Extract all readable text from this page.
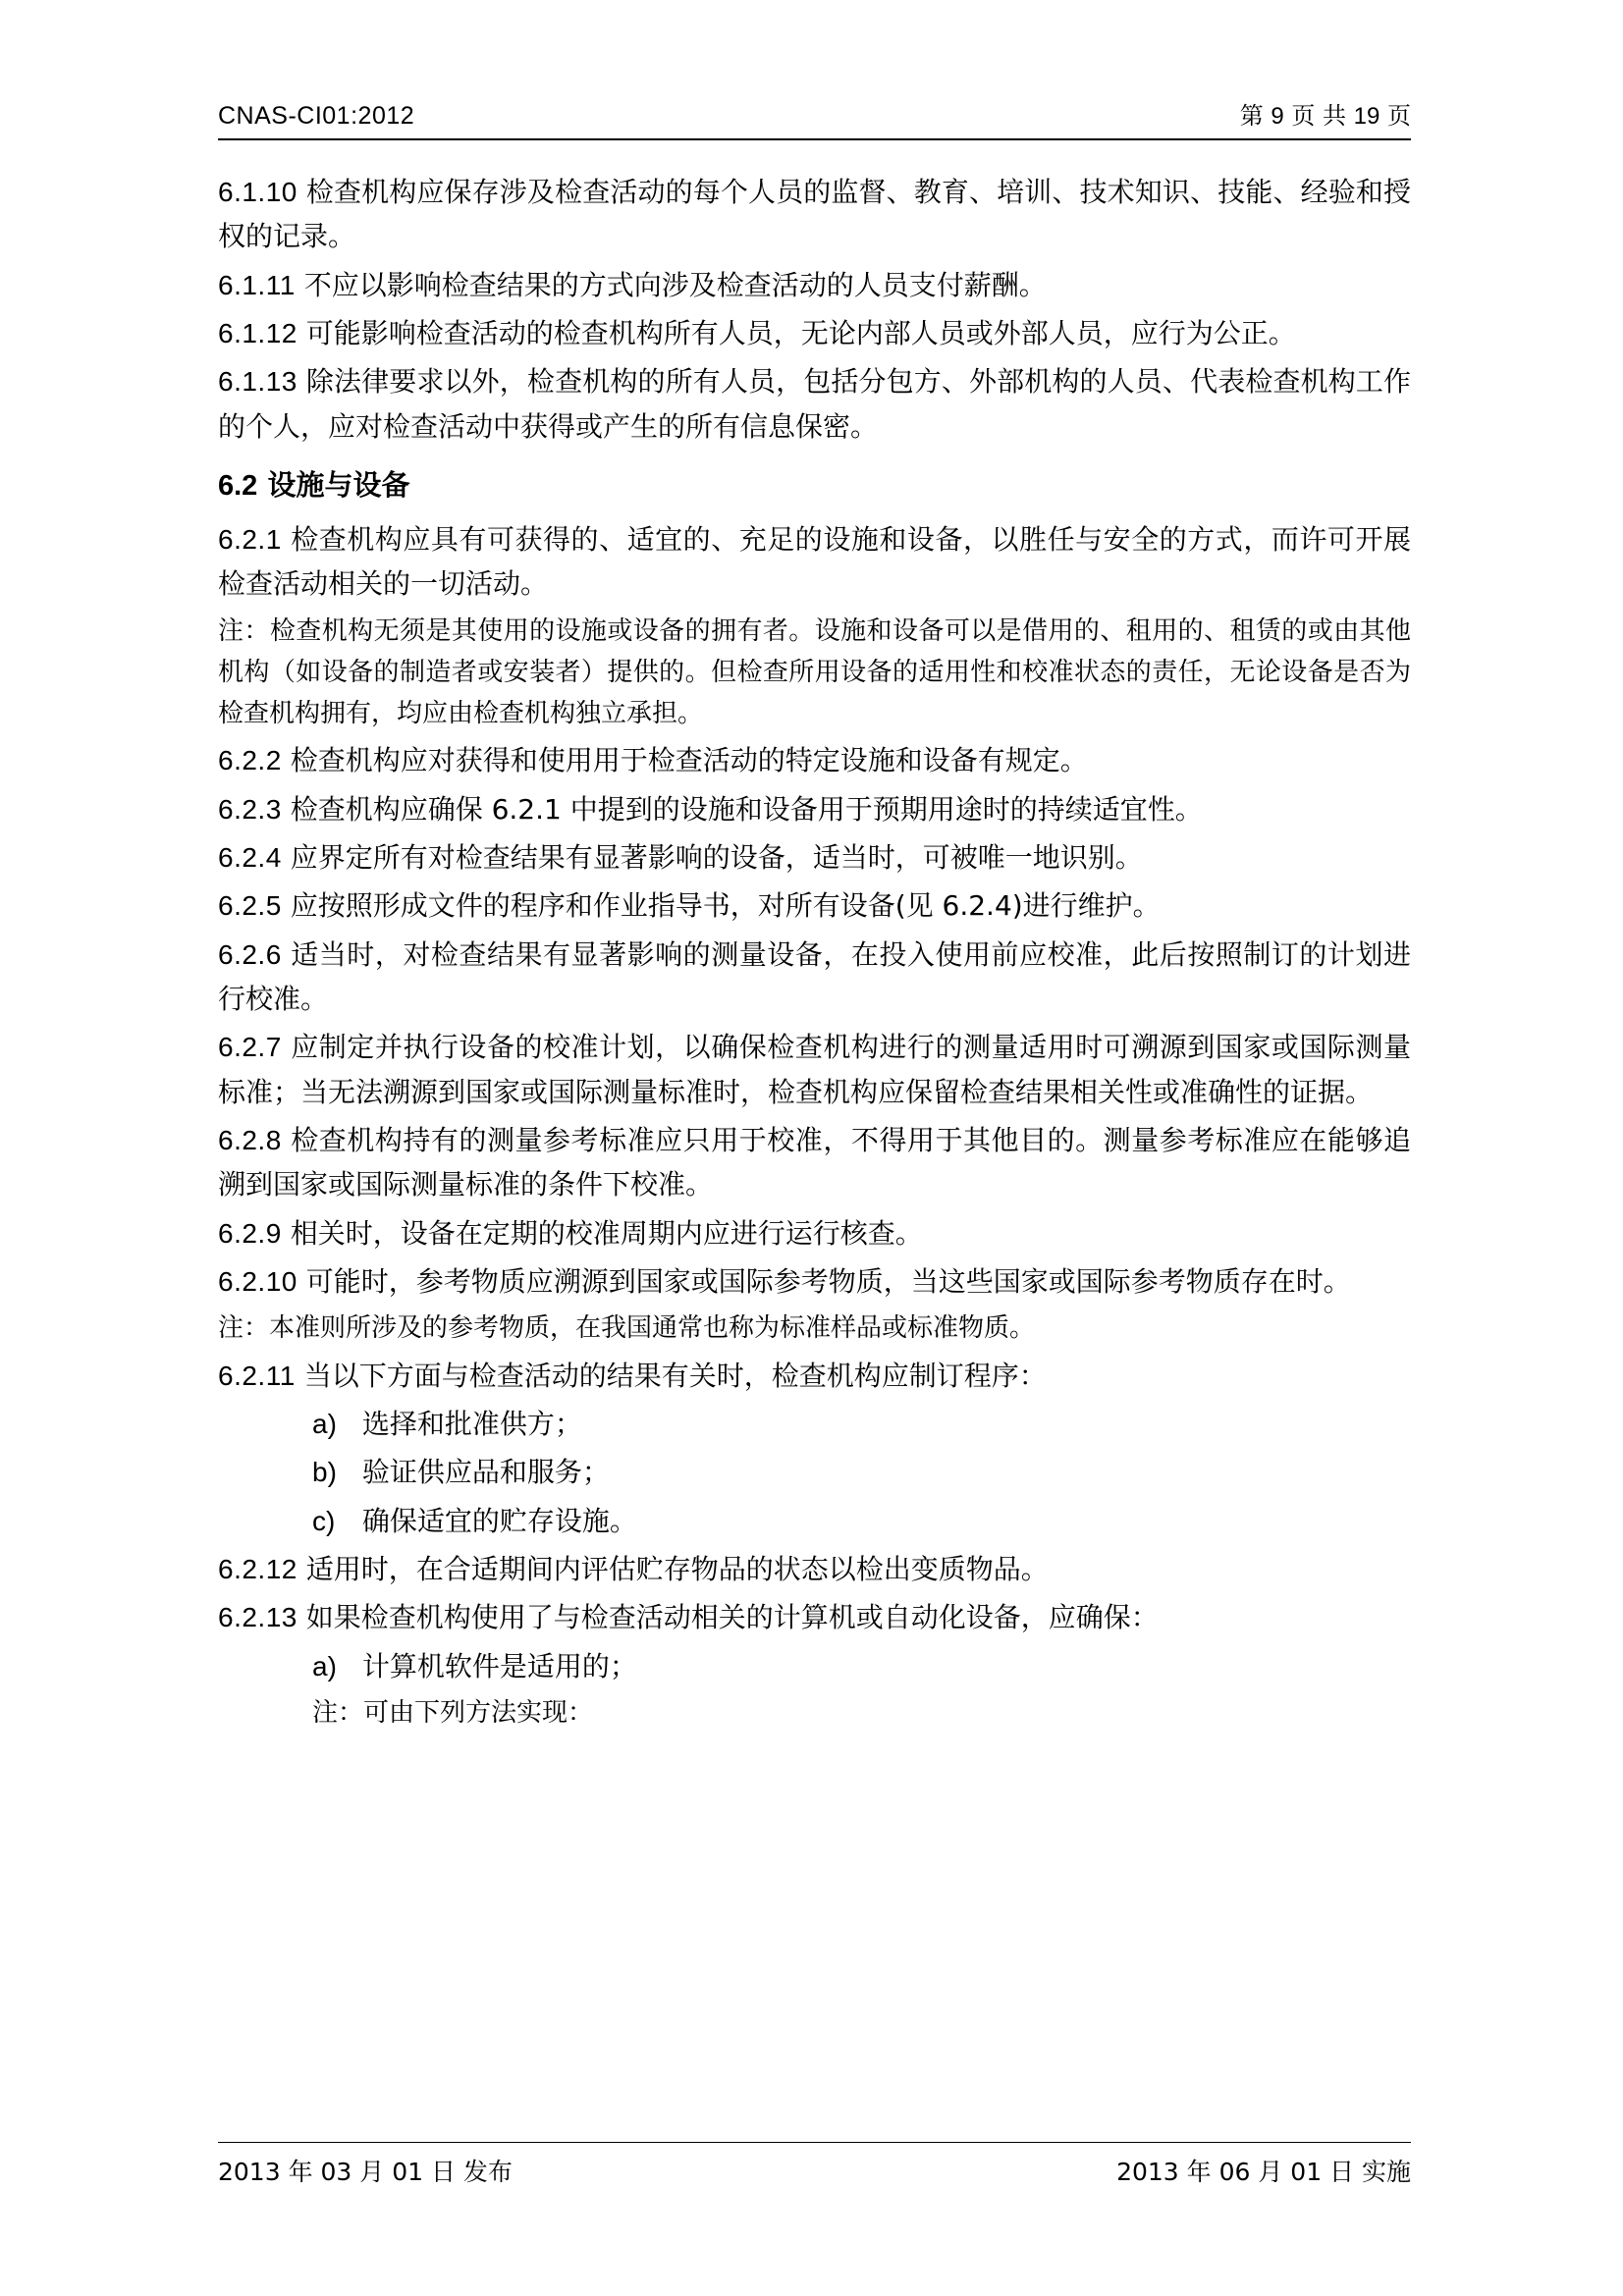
CNAS-CI01:2012	第 9 页 共 19 页

6.1.10 检查机构应保存涉及检查活动的每个人员的监督、教育、培训、技术知识、技能、经验和授权的记录。

6.1.11 不应以影响检查结果的方式向涉及检查活动的人员支付薪酬。

6.1.12 可能影响检查活动的检查机构所有人员，无论内部人员或外部人员，应行为公正。

6.1.13 除法律要求以外，检查机构的所有人员，包括分包方、外部机构的人员、代表检查机构工作的个人，应对检查活动中获得或产生的所有信息保密。

6.2 设施与设备

6.2.1 检查机构应具有可获得的、适宜的、充足的设施和设备，以胜任与安全的方式，而许可开展检查活动相关的一切活动。

注：检查机构无须是其使用的设施或设备的拥有者。设施和设备可以是借用的、租用的、租赁的或由其他机构（如设备的制造者或安装者）提供的。但检查所用设备的适用性和校准状态的责任，无论设备是否为检查机构拥有，均应由检查机构独立承担。

6.2.2 检查机构应对获得和使用用于检查活动的特定设施和设备有规定。

6.2.3 检查机构应确保 6.2.1 中提到的设施和设备用于预期用途时的持续适宜性。

6.2.4 应界定所有对检查结果有显著影响的设备，适当时，可被唯一地识别。

6.2.5 应按照形成文件的程序和作业指导书，对所有设备(见 6.2.4)进行维护。

6.2.6 适当时，对检查结果有显著影响的测量设备，在投入使用前应校准，此后按照制订的计划进行校准。

6.2.7 应制定并执行设备的校准计划，以确保检查机构进行的测量适用时可溯源到国家或国际测量标准；当无法溯源到国家或国际测量标准时，检查机构应保留检查结果相关性或准确性的证据。

6.2.8 检查机构持有的测量参考标准应只用于校准，不得用于其他目的。测量参考标准应在能够追溯到国家或国际测量标准的条件下校准。

6.2.9 相关时，设备在定期的校准周期内应进行运行核查。

6.2.10 可能时，参考物质应溯源到国家或国际参考物质，当这些国家或国际参考物质存在时。

注：本准则所涉及的参考物质，在我国通常也称为标准样品或标准物质。

6.2.11 当以下方面与检查活动的结果有关时，检查机构应制订程序：

a) 选择和批准供方；
b) 验证供应品和服务；
c) 确保适宜的贮存设施。

6.2.12 适用时，在合适期间内评估贮存物品的状态以检出变质物品。

6.2.13 如果检查机构使用了与检查活动相关的计算机或自动化设备，应确保：

a) 计算机软件是适用的；

注：可由下列方法实现：

2013 年 03 月 01 日 发布	2013 年 06 月 01 日 实施
